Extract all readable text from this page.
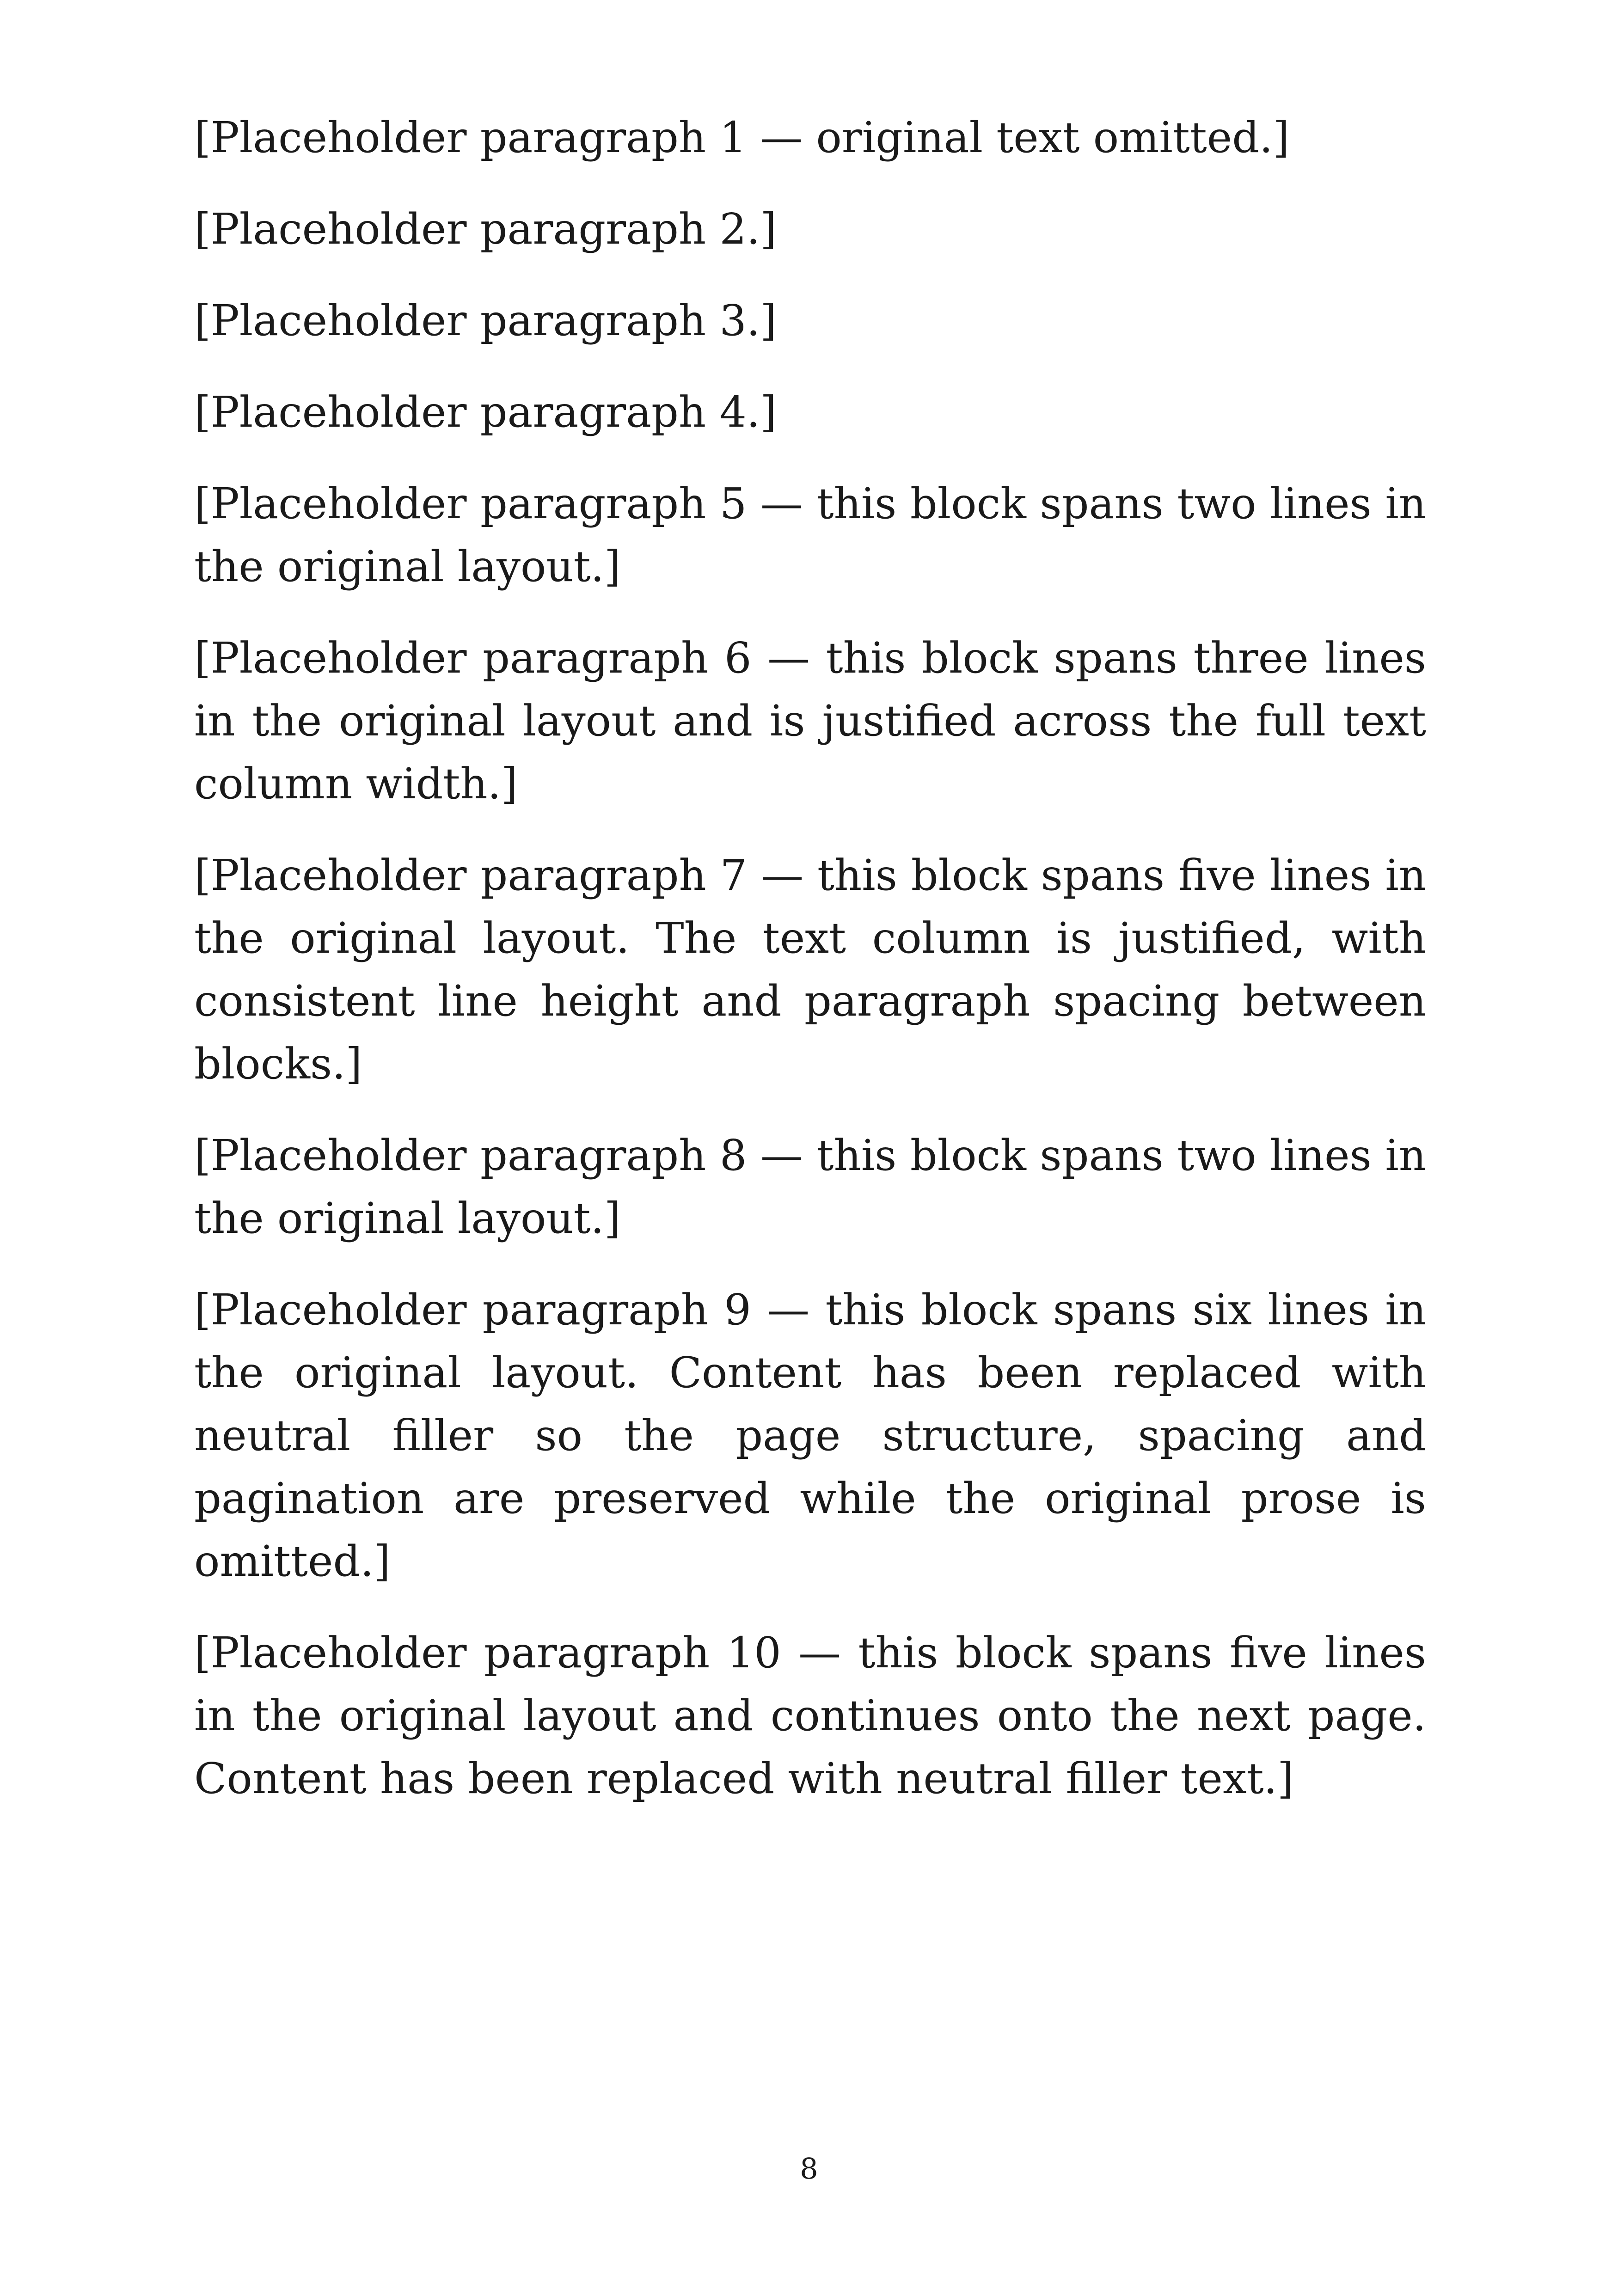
[Placeholder paragraph 1 — original text omitted.]

[Placeholder paragraph 2.]

[Placeholder paragraph 3.]

[Placeholder paragraph 4.]

[Placeholder paragraph 5 — this block spans two lines in the original layout.]

[Placeholder paragraph 6 — this block spans three lines in the original layout and is justified across the full text column width.]

[Placeholder paragraph 7 — this block spans five lines in the original layout. The text column is justified, with consistent line height and paragraph spacing between blocks.]

[Placeholder paragraph 8 — this block spans two lines in the original layout.]

[Placeholder paragraph 9 — this block spans six lines in the original layout. Content has been replaced with neutral filler so the page structure, spacing and pagination are preserved while the original prose is omitted.]

[Placeholder paragraph 10 — this block spans five lines in the original layout and continues onto the next page. Content has been replaced with neutral filler text.]

8
